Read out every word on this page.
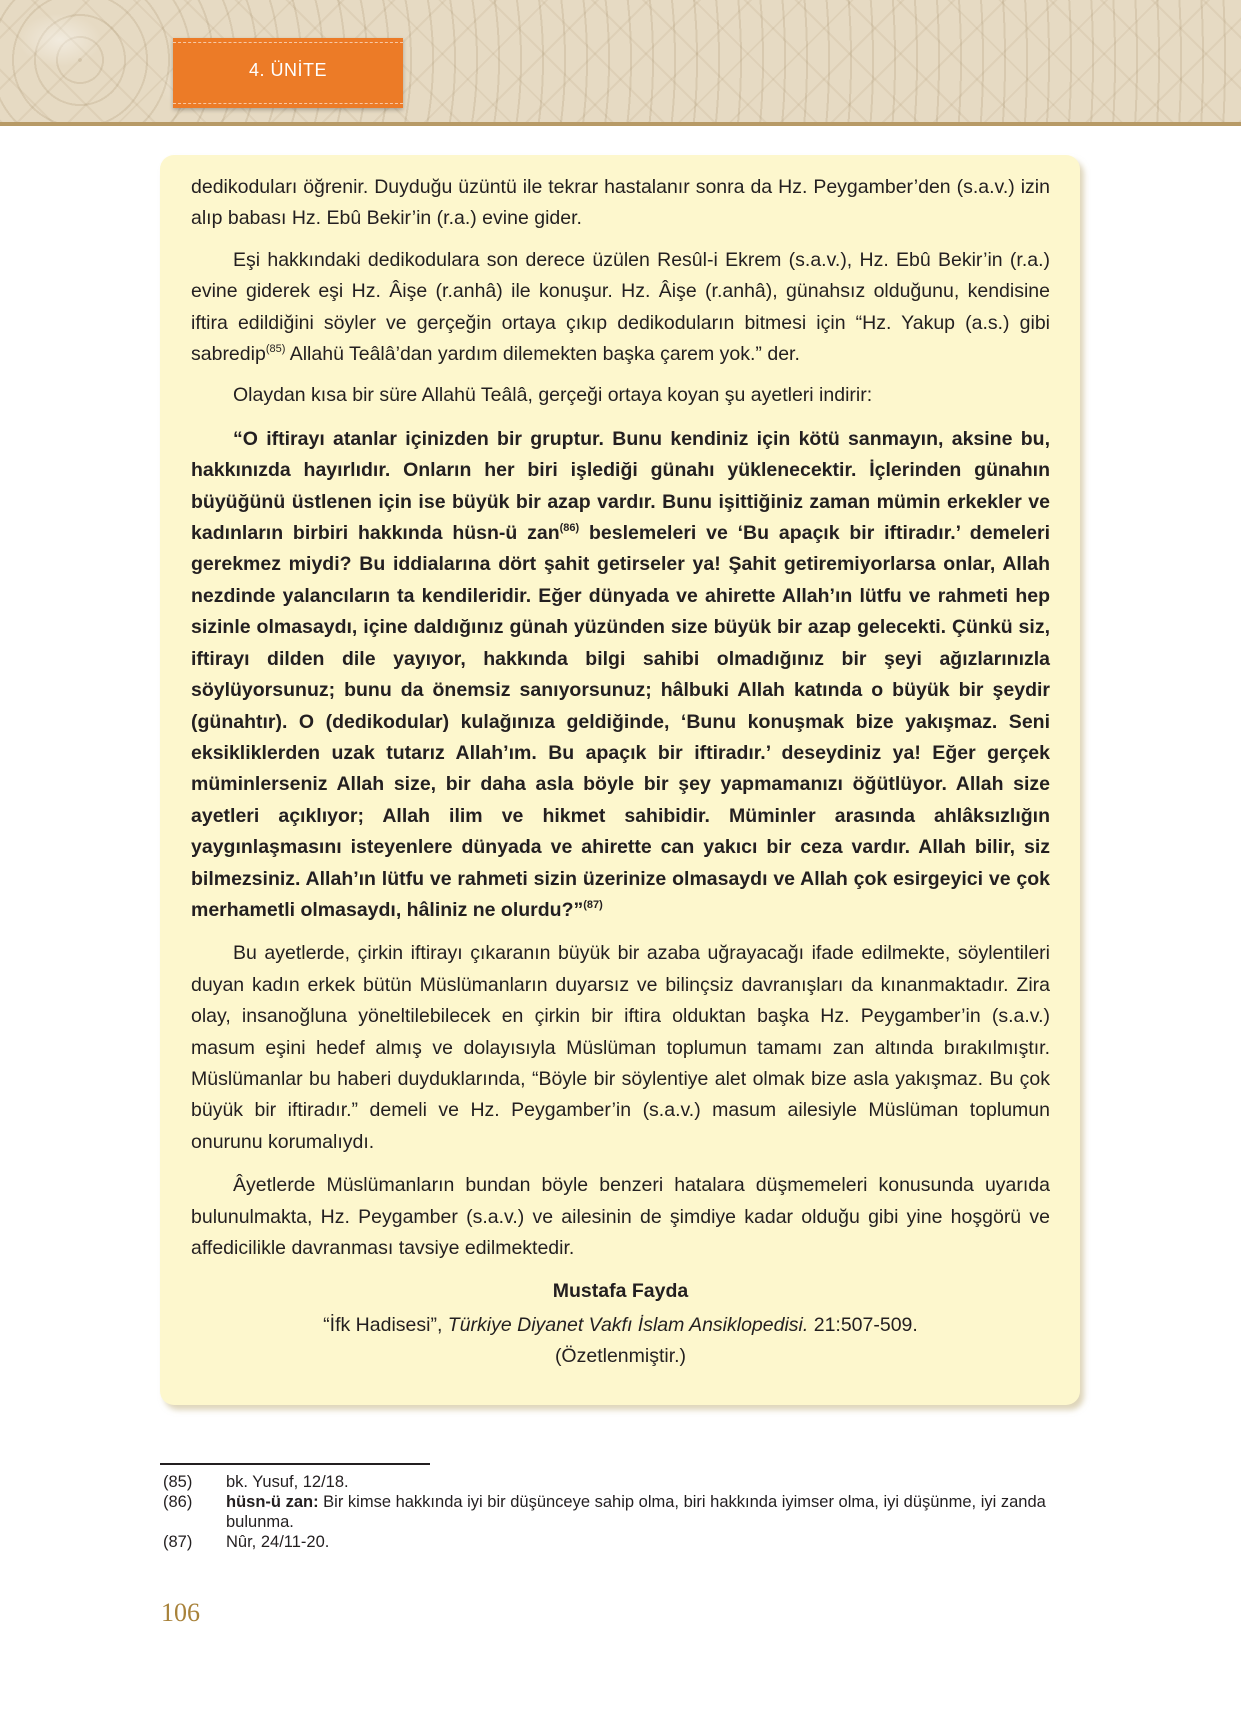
4. ÜNİTE

dedikoduları öğrenir. Duyduğu üzüntü ile tekrar hastalanır sonra da Hz. Peygamber’den (s.a.v.) izin alıp babası Hz. Ebû Bekir’in (r.a.) evine gider.

Eşi hakkındaki dedikodulara son derece üzülen Resûl-i Ekrem (s.a.v.), Hz. Ebû Bekir’in (r.a.) evine giderek eşi Hz. Âişe (r.anhâ) ile konuşur. Hz. Âişe (r.anhâ), günahsız olduğunu, kendisine iftira edildiğini söyler ve gerçeğin ortaya çıkıp dedikoduların bitmesi için “Hz. Yakup (a.s.) gibi sabredip$^{(85)}$ Allahü Teâlâ’dan yardım dilemekten başka çarem yok.” der.

Olaydan kısa bir süre Allahü Teâlâ, gerçeği ortaya koyan şu ayetleri indirir:

“O iftirayı atanlar içinizden bir gruptur. Bunu kendiniz için kötü sanmayın, aksine bu, hakkınızda hayırlıdır. Onların her biri işlediği günahı yüklenecektir. İçlerinden günahın büyüğünü üstlenen için ise büyük bir azap vardır. Bunu işittiğiniz zaman mümin erkekler ve kadınların birbiri hakkında hüsn-ü zan$^{(86)}$ beslemeleri ve ‘Bu apaçık bir iftiradır.’ demeleri gerekmez miydi? Bu iddialarına dört şahit getirseler ya! Şahit getiremiyorlarsa onlar, Allah nezdinde yalancıların ta kendileridir. Eğer dünyada ve ahirette Allah’ın lütfu ve rahmeti hep sizinle olmasaydı, içine daldığınız günah yüzünden size büyük bir azap gelecekti. Çünkü siz, iftirayı dilden dile yayıyor, hakkında bilgi sahibi olmadığınız bir şeyi ağızlarınızla söylüyorsunuz; bunu da önemsiz sanıyorsunuz; hâlbuki Allah katında o büyük bir şeydir (günahtır). O (dedikodular) kulağınıza geldiğinde, ‘Bunu konuşmak bize yakışmaz. Seni eksikliklerden uzak tutarız Allah’ım. Bu apaçık bir iftiradır.’ deseydiniz ya! Eğer gerçek müminlerseniz Allah size, bir daha asla böyle bir şey yapmamanızı öğütlüyor. Allah size ayetleri açıklıyor; Allah ilim ve hikmet sahibidir. Müminler arasında ahlâksızlığın yaygınlaşmasını isteyenlere dünyada ve ahirette can yakıcı bir ceza vardır. Allah bilir, siz bilmezsiniz. Allah’ın lütfu ve rahmeti sizin üzerinize olmasaydı ve Allah çok esirgeyici ve çok merhametli olmasaydı, hâliniz ne olurdu?”$^{(87)}$

Bu ayetlerde, çirkin iftirayı çıkaranın büyük bir azaba uğrayacağı ifade edilmekte, söylentileri duyan kadın erkek bütün Müslümanların duyarsız ve bilinçsiz davranışları da kınanmaktadır. Zira olay, insanoğluna yöneltilebilecek en çirkin bir iftira olduktan başka Hz. Peygamber’in (s.a.v.) masum eşini hedef almış ve dolayısıyla Müslüman toplumun tamamı zan altında bırakılmıştır. Müslümanlar bu haberi duyduklarında, “Böyle bir söylentiye alet olmak bize asla yakışmaz. Bu çok büyük bir iftiradır.” demeli ve Hz. Peygamber’in (s.a.v.) masum ailesiyle Müslüman toplumun onurunu korumalıydı.

Âyetlerde Müslümanların bundan böyle benzeri hatalara düşmemeleri konusunda uyarıda bulunulmakta, Hz. Peygamber (s.a.v.) ve ailesinin de şimdiye kadar olduğu gibi yine hoşgörü ve affedicilikle davranması tavsiye edilmektedir.

Mustafa Fayda
“İfk Hadisesi”, Türkiye Diyanet Vakfı İslam Ansiklopedisi. 21:507-509.
(Özetlenmiştir.)
(85) bk. Yusuf, 12/18.
(86) hüsn-ü zan: Bir kimse hakkında iyi bir düşünceye sahip olma, biri hakkında iyimser olma, iyi düşünme, iyi zanda bulunma.
(87) Nûr, 24/11-20.
106
